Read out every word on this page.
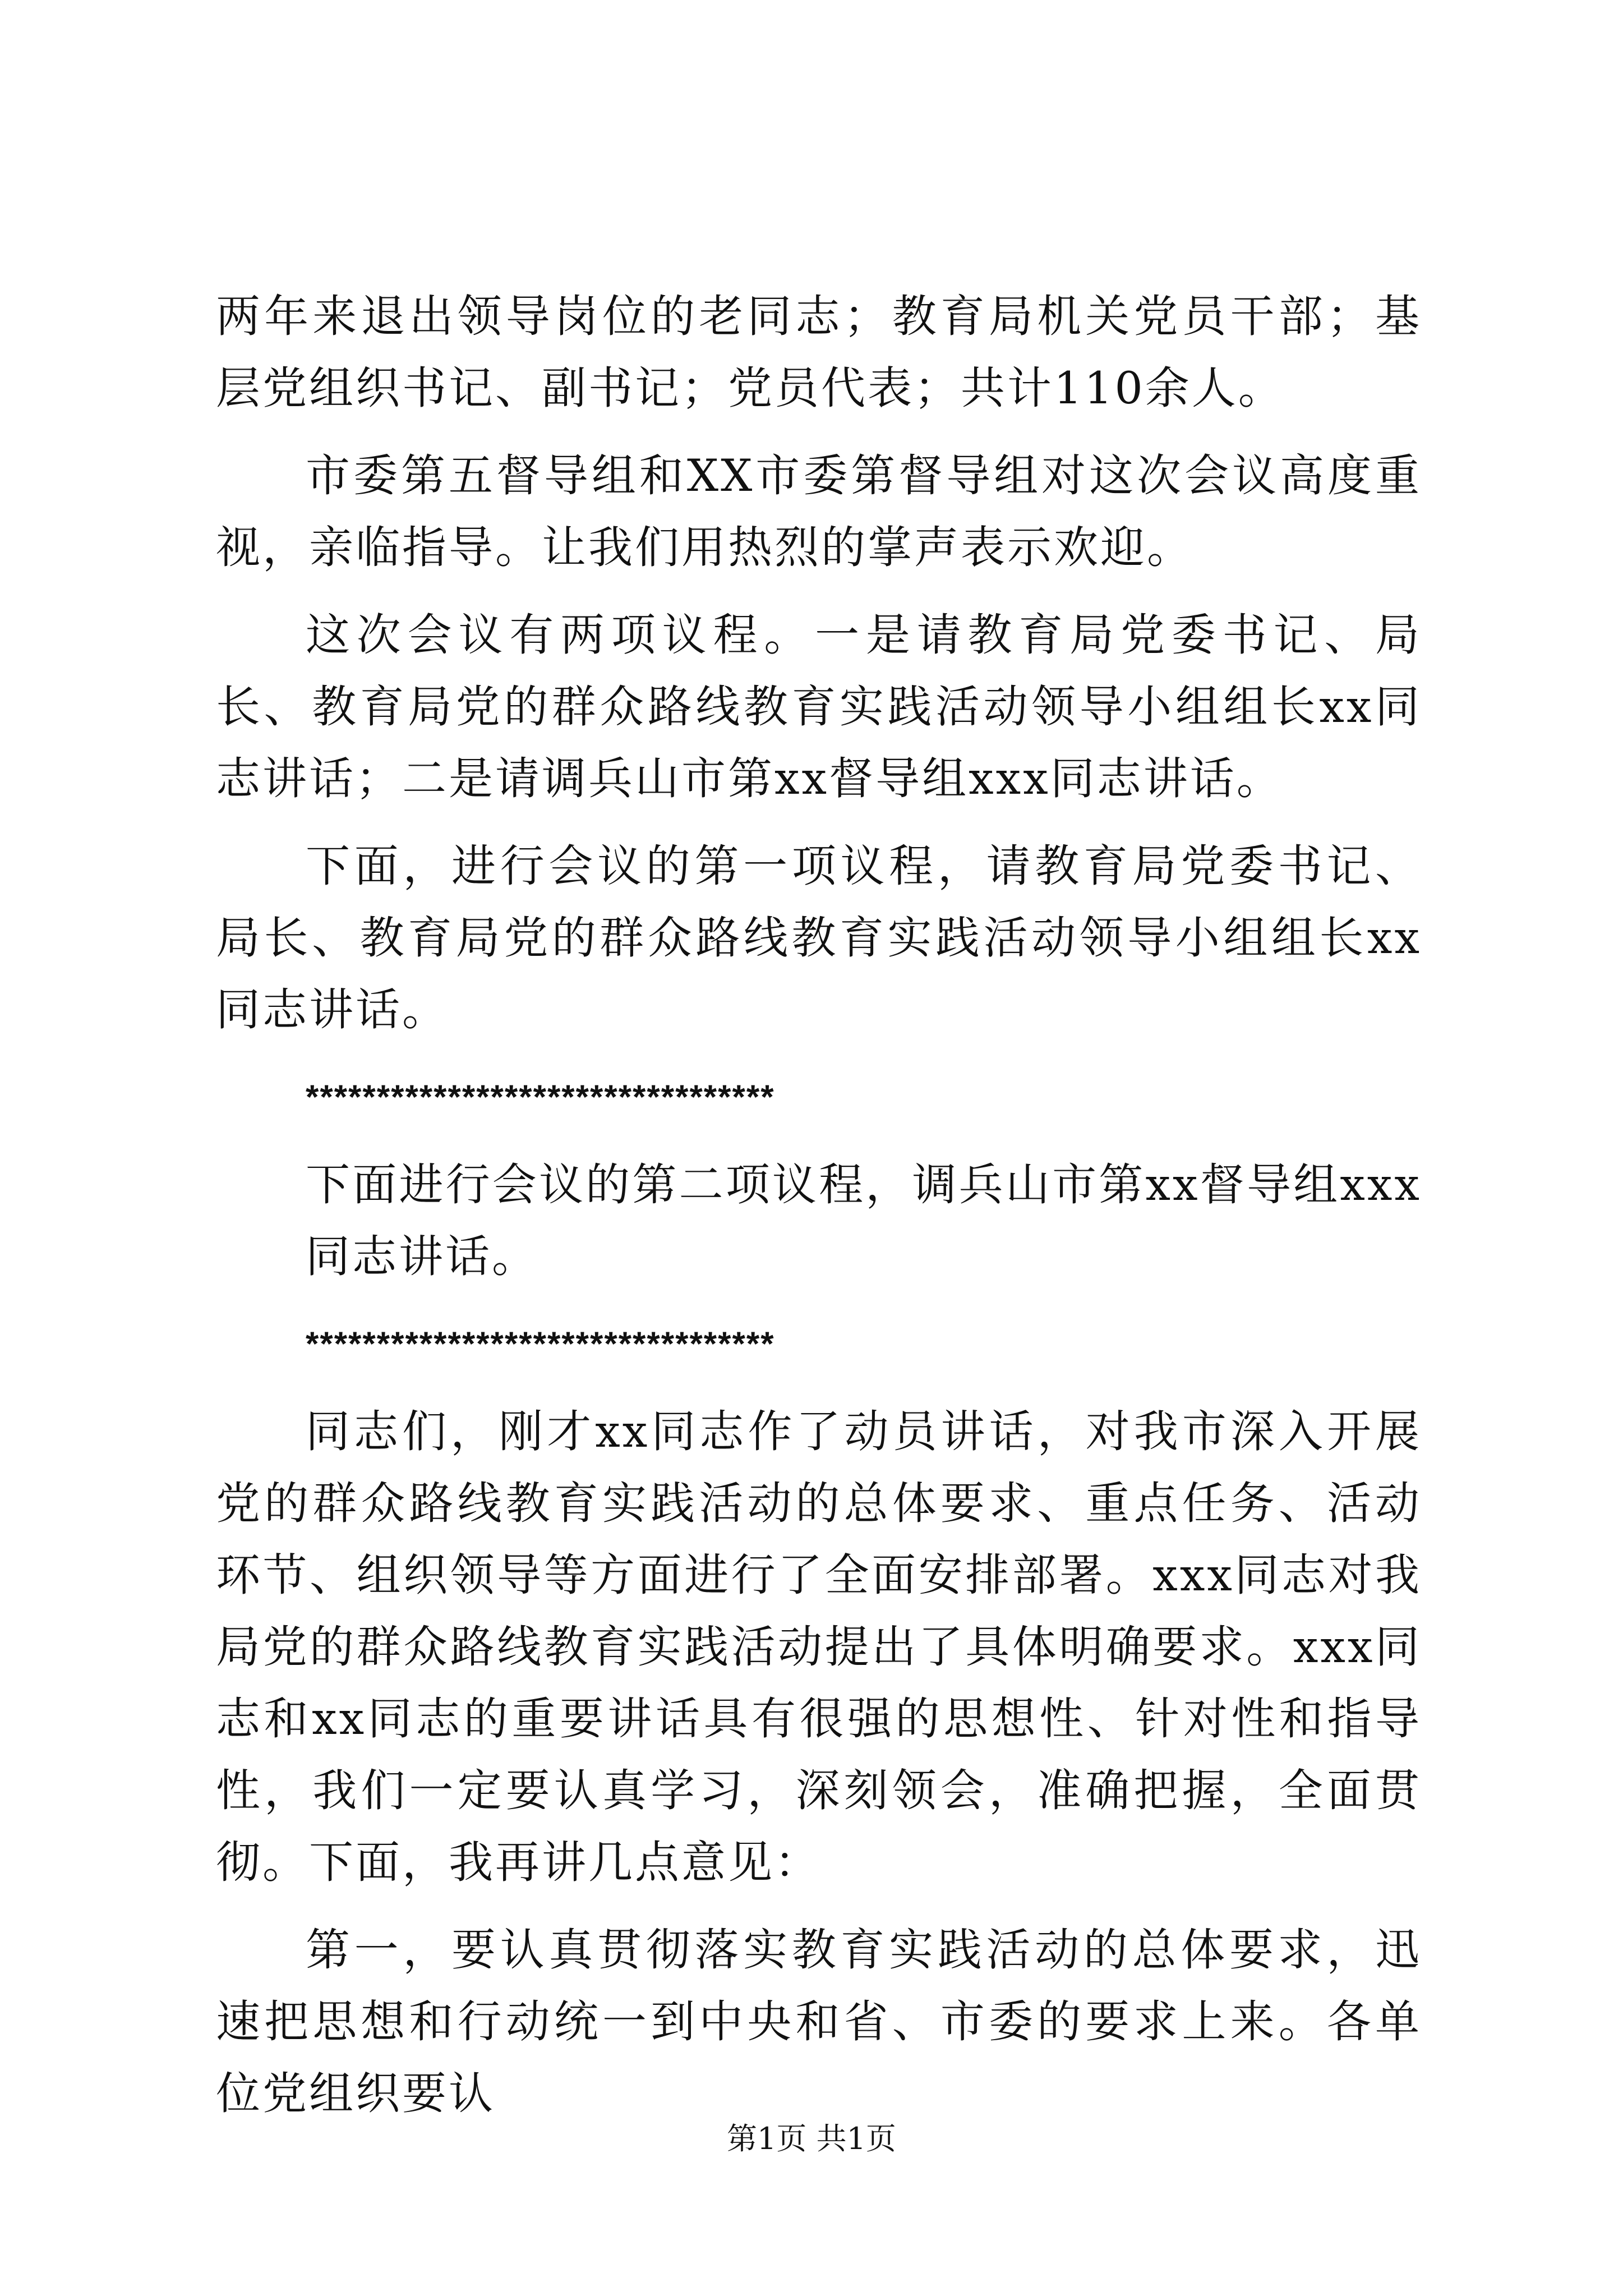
两年来退出领导岗位的老同志；教育局机关党员干部；基层党组织书记、副书记；党员代表；共计110余人。

市委第五督导组和XX市委第督导组对这次会议高度重视，亲临指导。让我们用热烈的掌声表示欢迎。

这次会议有两项议程。一是请教育局党委书记、局长、教育局党的群众路线教育实践活动领导小组组长xx同志讲话；二是请调兵山市第xx督导组xxx同志讲话。

下面，进行会议的第一项议程，请教育局党委书记、局长、教育局党的群众路线教育实践活动领导小组组长xx同志讲话。

*********************************

下面进行会议的第二项议程，调兵山市第xx督导组xxx同志讲话。

*********************************

同志们，刚才xx同志作了动员讲话，对我市深入开展党的群众路线教育实践活动的总体要求、重点任务、活动环节、组织领导等方面进行了全面安排部署。xxx同志对我局党的群众路线教育实践活动提出了具体明确要求。xxx同志和xx同志的重要讲话具有很强的思想性、针对性和指导性，我们一定要认真学习，深刻领会，准确把握，全面贯彻。下面，我再讲几点意见：

第一，要认真贯彻落实教育实践活动的总体要求，迅速把思想和行动统一到中央和省、市委的要求上来。各单位党组织要认

第1页 共1页
